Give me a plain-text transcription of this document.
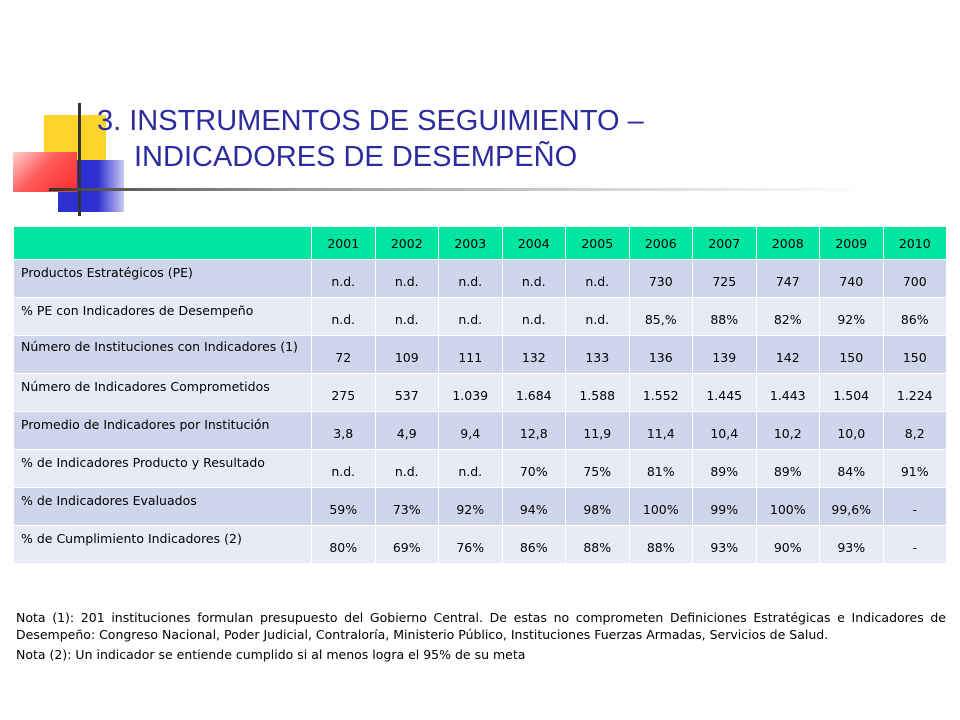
3. INSTRUMENTOS DE SEGUIMIENTO –
INDICADORES DE DESEMPEÑO
	2001	2002	2003	2004	2005	2006	2007	2008	2009	2010
Productos Estratégicos (PE)	n.d.	n.d.	n.d.	n.d.	n.d.	730	725	747	740	700
% PE con Indicadores de Desempeño	n.d.	n.d.	n.d.	n.d.	n.d.	85,%	88%	82%	92%	86%
Número de Instituciones con Indicadores (1)	72	109	111	132	133	136	139	142	150	150
Número de Indicadores Comprometidos	275	537	1.039	1.684	1.588	1.552	1.445	1.443	1.504	1.224
Promedio de Indicadores por Institución	3,8	4,9	9,4	12,8	11,9	11,4	10,4	10,2	10,0	8,2
% de Indicadores Producto y Resultado	n.d.	n.d.	n.d.	70%	75%	81%	89%	89%	84%	91%
% de Indicadores Evaluados	59%	73%	92%	94%	98%	100%	99%	100%	99,6%	-
% de Cumplimiento Indicadores (2)	80%	69%	76%	86%	88%	88%	93%	90%	93%	-

Nota (1): 201 instituciones formulan presupuesto del Gobierno Central. De estas no comprometen Definiciones Estratégicas e Indicadores de Desempeño: Congreso Nacional, Poder Judicial, Contraloría, Ministerio Público, Instituciones Fuerzas Armadas, Servicios de Salud.

Nota (2): Un indicador se entiende cumplido si al menos logra el 95% de su meta
